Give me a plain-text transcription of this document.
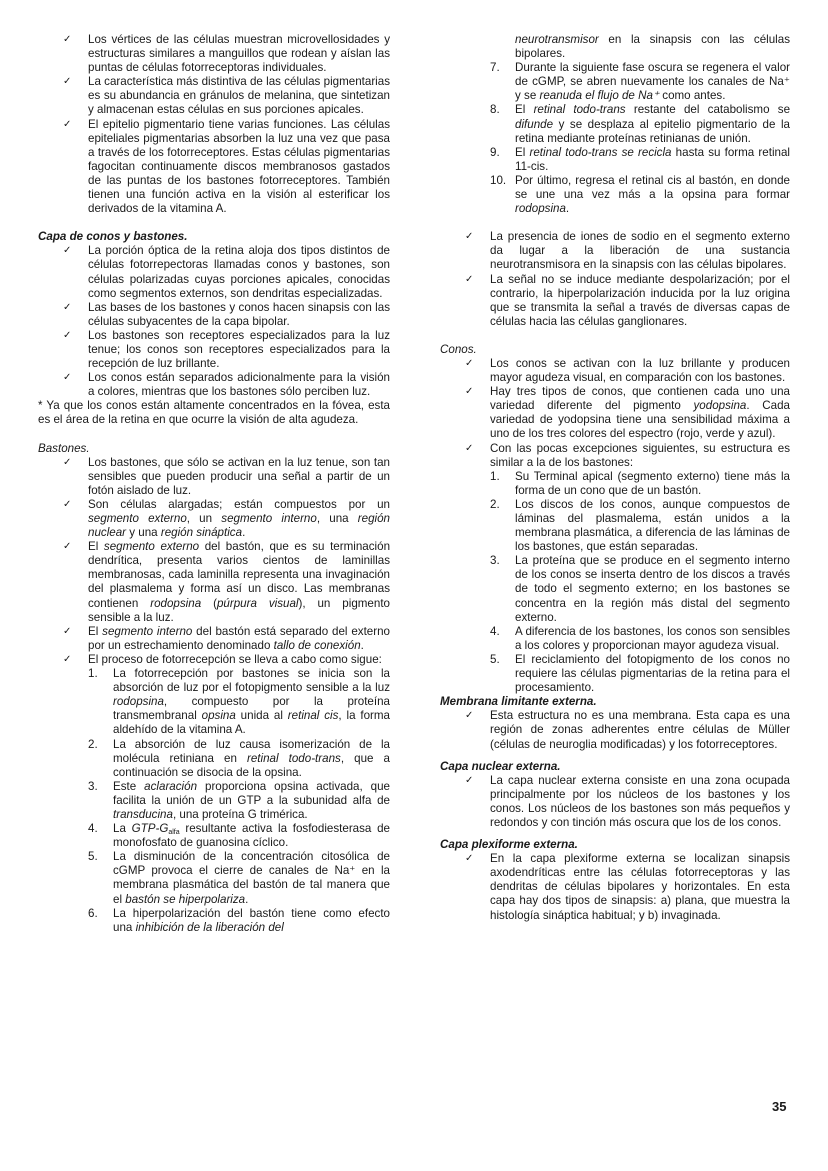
✓ Los vértices de las células muestran microvellosidades y estructuras similares a manguillos que rodean y aíslan las puntas de células fotorreceptoras individuales.
✓ La característica más distintiva de las células pigmentarias es su abundancia en gránulos de melanina, que sintetizan y almacenan estas células en sus porciones apicales.
✓ El epitelio pigmentario tiene varias funciones. Las células epiteliales pigmentarias absorben la luz una vez que pasa a través de los fotorreceptores. Estas células pigmentarias fagocitan continuamente discos membranosos gastados de las puntas de los bastones fotorreceptores. También tienen una función activa en la visión al esterificar los derivados de la vitamina A.
Capa de conos y bastones.
✓ La porción óptica de la retina aloja dos tipos distintos de células fotorrepectoras llamadas conos y bastones, son células polarizadas cuyas porciones apicales, conocidas como segmentos externos, son dendritas especializadas.
✓ Las bases de los bastones y conos hacen sinapsis con las células subyacentes de la capa bipolar.
✓ Los bastones son receptores especializados para la luz tenue; los conos son receptores especializados para la recepción de luz brillante.
✓ Los conos están separados adicionalmente para la visión a colores, mientras que los bastones sólo perciben luz.
* Ya que los conos están altamente concentrados en la fóvea, esta es el área de la retina en que ocurre la visión de alta agudeza.
Bastones.
✓ Los bastones, que sólo se activan en la luz tenue, son tan sensibles que pueden producir una señal a partir de un fotón aislado de luz.
✓ Son células alargadas; están compuestos por un segmento externo, un segmento interno, una región nuclear y una región sináptica.
✓ El segmento externo del bastón, que es su terminación dendrítica, presenta varios cientos de laminillas membranosas, cada laminilla representa una invaginación del plasmalema y forma así un disco. Las membranas contienen rodopsina (púrpura visual), un pigmento sensible a la luz.
✓ El segmento interno del bastón está separado del externo por un estrechamiento denominado tallo de conexión.
✓ El proceso de fotorrecepción se lleva a cabo como sigue:
1. La fotorrecepción por bastones se inicia son la absorción de luz por el fotopigmento sensible a la luz rodopsina, compuesto por la proteína transmembranal opsina unida al retinal cis, la forma aldehído de la vitamina A.
2. La absorción de luz causa isomerización de la molécula retiniana en retinal todo-trans, que a continuación se disocia de la opsina.
3. Este aclaración proporciona opsina activada, que facilita la unión de un GTP a la subunidad alfa de transducina, una proteína G trimérica.
4. La GTP-$G_{alfa}$ resultante activa la fosfodiesterasa de monofosfato de guanosina cíclico.
5. La disminución de la concentración citosólica de cGMP provoca el cierre de canales de Na⁺ en la membrana plasmática del bastón de tal manera que el bastón se hiperpolariza.
6. La hiperpolarización del bastón tiene como efecto una inhibición de la liberación del
neurotransmisor en la sinapsis con las células bipolares.
7. Durante la siguiente fase oscura se regenera el valor de cGMP, se abren nuevamente los canales de Na⁺ y se reanuda el flujo de Na⁺ como antes.
8. El retinal todo-trans restante del catabolismo se difunde y se desplaza al epitelio pigmentario de la retina mediante proteínas retinianas de unión.
9. El retinal todo-trans se recicla hasta su forma retinal 11-cis.
10. Por último, regresa el retinal cis al bastón, en donde se une una vez más a la opsina para formar rodopsina.
✓ La presencia de iones de sodio en el segmento externo da lugar a la liberación de una sustancia neurotransmisora en la sinapsis con las células bipolares.
✓ La señal no se induce mediante despolarización; por el contrario, la hiperpolarización inducida por la luz origina que se transmita la señal a través de diversas capas de células hacia las células ganglionares.
Conos.
✓ Los conos se activan con la luz brillante y producen mayor agudeza visual, en comparación con los bastones.
✓ Hay tres tipos de conos, que contienen cada uno una variedad diferente del pigmento yodopsina. Cada variedad de yodopsina tiene una sensibilidad máxima a uno de los tres colores del espectro (rojo, verde y azul).
✓ Con las pocas excepciones siguientes, su estructura es similar a la de los bastones:
1. Su Terminal apical (segmento externo) tiene más la forma de un cono que de un bastón.
2. Los discos de los conos, aunque compuestos de láminas del plasmalema, están unidos a la membrana plasmática, a diferencia de las láminas de los bastones, que están separadas.
3. La proteína que se produce en el segmento interno de los conos se inserta dentro de los discos a través de todo el segmento externo; en los bastones se concentra en la región más distal del segmento externo.
4. A diferencia de los bastones, los conos son sensibles a los colores y proporcionan mayor agudeza visual.
5. El reciclamiento del fotopigmento de los conos no requiere las células pigmentarias de la retina para el procesamiento.
Membrana limitante externa.
✓ Esta estructura no es una membrana. Esta capa es una región de zonas adherentes entre células de Müller (células de neuroglia modificadas) y los fotorreceptores.
Capa nuclear externa.
✓ La capa nuclear externa consiste en una zona ocupada principalmente por los núcleos de los bastones y los conos. Los núcleos de los bastones son más pequeños y redondos y con tinción más oscura que los de los conos.
Capa plexiforme externa.
✓ En la capa plexiforme externa se localizan sinapsis axodendríticas entre las células fotorreceptoras y las dendritas de células bipolares y horizontales. En esta capa hay dos tipos de sinapsis: a) plana, que muestra la histología sináptica habitual; y b) invaginada.
35
